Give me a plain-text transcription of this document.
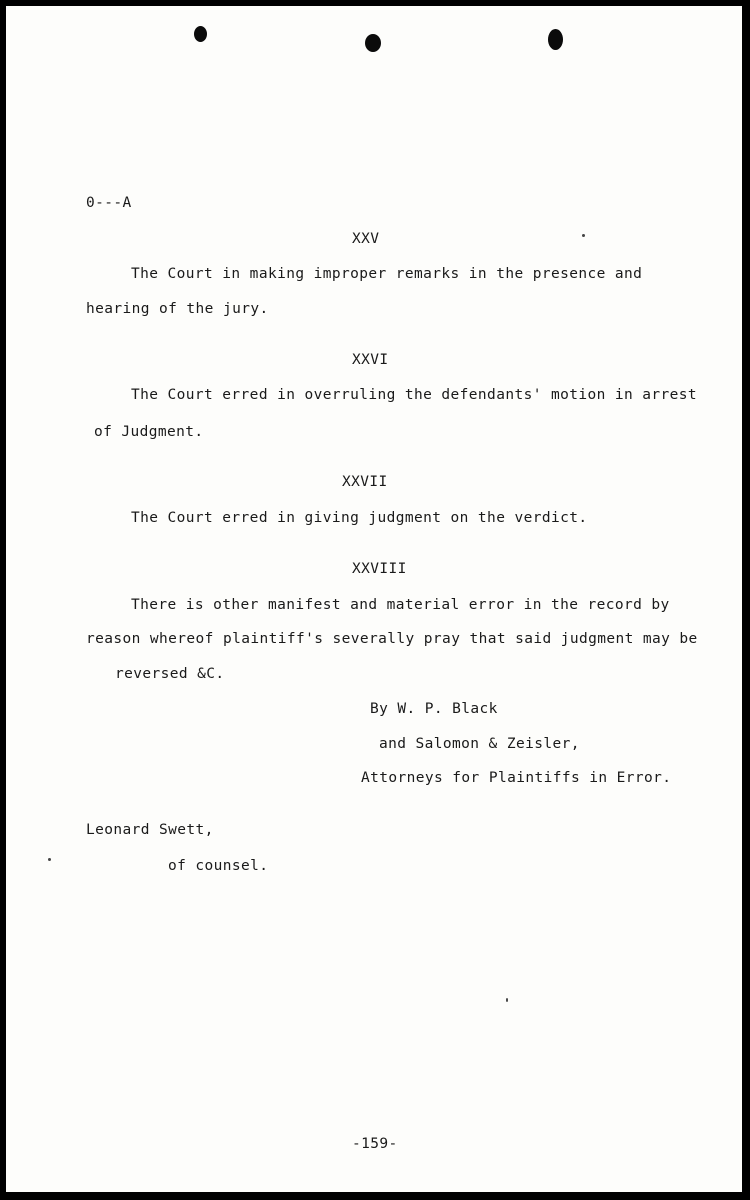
0---A
XXV
The Court in making improper remarks in the presence and
hearing of the jury.
XXVI
The Court erred in overruling the defendants' motion in arrest
of Judgment.
XXVII
The Court erred in giving judgment on the verdict.
XXVIII
There is other manifest and material error in the record by
reason whereof plaintiff's severally pray that said judgment may be
reversed &C.
By W. P. Black
and Salomon & Zeisler,
Attorneys for Plaintiffs in Error.
Leonard Swett,
of counsel.
-159-
